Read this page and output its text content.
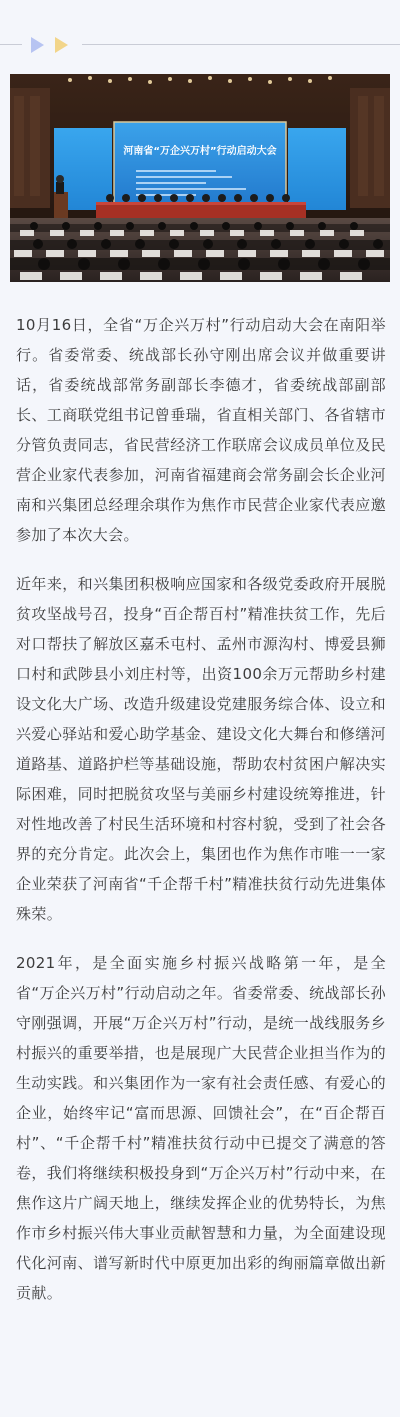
河南省“万企兴万村”行动启动大会

10月16日，全省“万企兴万村”行动启动大会在南阳举行。省委常委、统战部长孙守刚出席会议并做重要讲话，省委统战部常务副部长李德才，省委统战部副部长、工商联党组书记曾垂瑞，省直相关部门、各省辖市分管负责同志，省民营经济工作联席会议成员单位及民营企业家代表参加，河南省福建商会常务副会长企业河南和兴集团总经理余琪作为焦作市民营企业家代表应邀参加了本次大会。

近年来，和兴集团积极响应国家和各级党委政府开展脱贫攻坚战号召，投身“百企帮百村”精准扶贫工作，先后对口帮扶了解放区嘉禾屯村、孟州市源沟村、博爱县狮口村和武陟县小刘庄村等，出资100余万元帮助乡村建设文化大广场、改造升级建设党建服务综合体、设立和兴爱心驿站和爱心助学基金、建设文化大舞台和修缮河道路基、道路护栏等基础设施，帮助农村贫困户解决实际困难，同时把脱贫攻坚与美丽乡村建设统筹推进，针对性地改善了村民生活环境和村容村貌，受到了社会各界的充分肯定。此次会上，集团也作为焦作市唯一一家企业荣获了河南省“千企帮千村”精准扶贫行动先进集体殊荣。

2021年，是全面实施乡村振兴战略第一年，是全省“万企兴万村”行动启动之年。省委常委、统战部长孙守刚强调，开展“万企兴万村”行动，是统一战线服务乡村振兴的重要举措，也是展现广大民营企业担当作为的生动实践。和兴集团作为一家有社会责任感、有爱心的企业，始终牢记“富而思源、回馈社会”，在“百企帮百村”、“千企帮千村”精准扶贫行动中已提交了满意的答卷，我们将继续积极投身到“万企兴万村”行动中来，在焦作这片广阔天地上，继续发挥企业的优势特长，为焦作市乡村振兴伟大事业贡献智慧和力量，为全面建设现代化河南、谱写新时代中原更加出彩的绚丽篇章做出新贡献。
